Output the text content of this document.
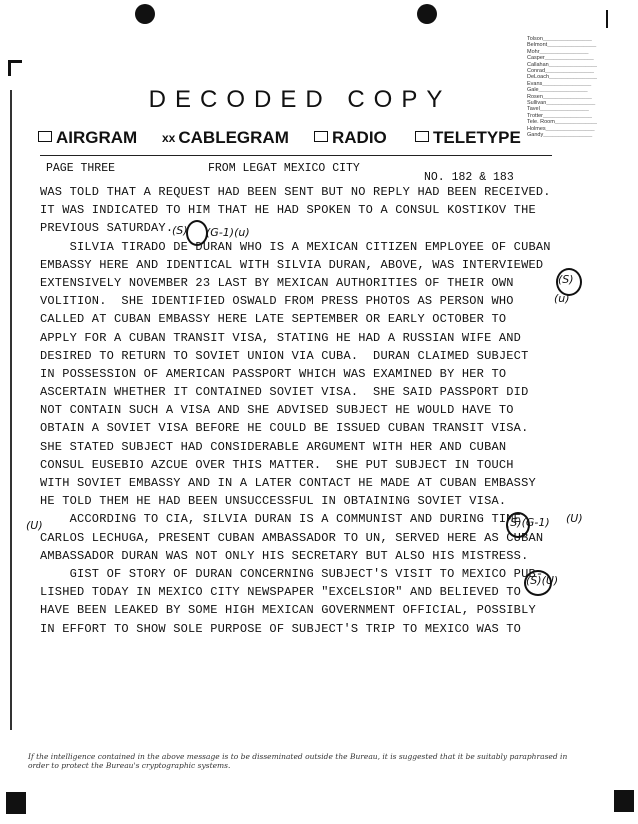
Tolson _____
Belmont _____
Mohr _____
Casper _____
Callahan _____
Conrad _____
DeLoach _____
Evans _____
Gale _____
Rosen _____
Sullivan _____
Tavel _____
Trotter _____
Tele. Room _____
Holmes _____
Gandy _____
DECODED COPY
AIRGRAM xx CABLEGRAM	RADIO	TELETYPE
PAGE THREE	FROM LEGAT MEXICO CITY
NO. 182 & 183
WAS TOLD THAT A REQUEST HAD BEEN SENT BUT NO REPLY HAD BEEN RECEIVED.
IT WAS INDICATED TO HIM THAT HE HAD SPOKEN TO A CONSUL KOSTIKOV THE
PREVIOUS SATURDAY.
SILVIA TIRADO DE DURAN WHO IS A MEXICAN CITIZEN EMPLOYEE OF CUBAN
EMBASSY HERE AND IDENTICAL WITH SILVIA DURAN, ABOVE, WAS INTERVIEWED
EXTENSIVELY NOVEMBER 23 LAST BY MEXICAN AUTHORITIES OF THEIR OWN
VOLITION.  SHE IDENTIFIED OSWALD FROM PRESS PHOTOS AS PERSON WHO
CALLED AT CUBAN EMBASSY HERE LATE SEPTEMBER OR EARLY OCTOBER TO
APPLY FOR A CUBAN TRANSIT VISA, STATING HE HAD A RUSSIAN WIFE AND
DESIRED TO RETURN TO SOVIET UNION VIA CUBA.  DURAN CLAIMED SUBJECT
IN POSSESSION OF AMERICAN PASSPORT WHICH WAS EXAMINED BY HER TO
ASCERTAIN WHETHER IT CONTAINED SOVIET VISA.  SHE SAID PASSPORT DID
NOT CONTAIN SUCH A VISA AND SHE ADVISED SUBJECT HE WOULD HAVE TO
OBTAIN A SOVIET VISA BEFORE HE COULD BE ISSUED CUBAN TRANSIT VISA.
SHE STATED SUBJECT HAD CONSIDERABLE ARGUMENT WITH HER AND CUBAN
CONSUL EUSEBIO AZCUE OVER THIS MATTER.  SHE PUT SUBJECT IN TOUCH
WITH SOVIET EMBASSY AND IN A LATER CONTACT HE MADE AT CUBAN EMBASSY
HE TOLD THEM HE HAD BEEN UNSUCCESSFUL IN OBTAINING SOVIET VISA.
ACCORDING TO CIA, SILVIA DURAN IS A COMMUNIST AND DURING TIME
CARLOS LECHUGA, PRESENT CUBAN AMBASSADOR TO UN, SERVED HERE AS CUBAN
AMBASSADOR DURAN WAS NOT ONLY HIS SECRETARY BUT ALSO HIS MISTRESS.
GIST OF STORY OF DURAN CONCERNING SUBJECT'S VISIT TO MEXICO PUB-
LISHED TODAY IN MEXICO CITY NEWSPAPER "EXCELSIOR" AND BELIEVED TO
HAVE BEEN LEAKED BY SOME HIGH MEXICAN GOVERNMENT OFFICIAL, POSSIBLY
IN EFFORT TO SHOW SOLE PURPOSE OF SUBJECT'S TRIP TO MEXICO WAS TO
(S) (G-1)(u)
(S)
(u)
(U)	(S)(G-1) (U)
(S)(U)
If the intelligence contained in the above message is to be disseminated outside the Bureau, it is suggested that it be suitably paraphrased in order to protect the Bureau's cryptographic systems.
